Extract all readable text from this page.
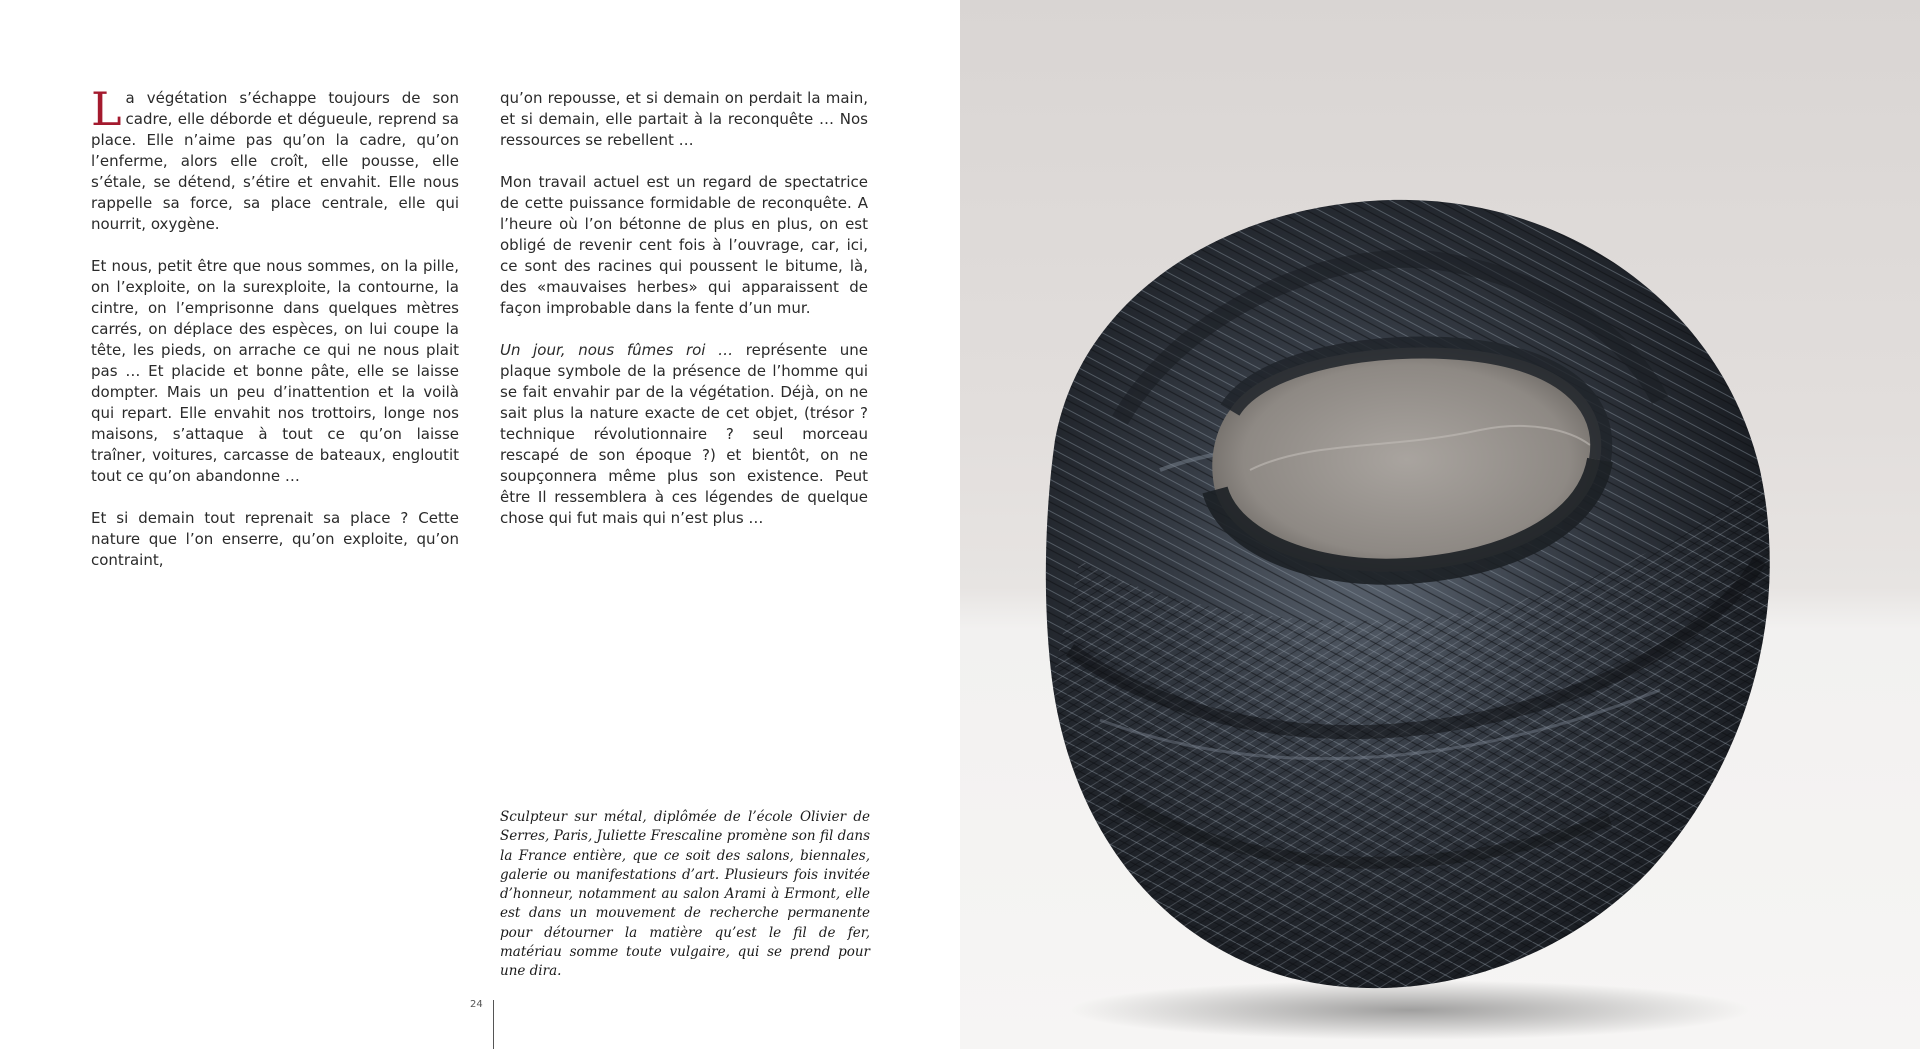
La végétation s’échappe toujours de son cadre, elle déborde et dégueule, reprend sa place. Elle n’aime pas qu’on la cadre, qu’on l’enferme, alors elle croît, elle pousse, elle s’étale, se détend, s’étire et envahit. Elle nous rappelle sa force, sa place centrale, elle qui nourrit, oxygène.

Et nous, petit être que nous sommes, on la pille, on l’exploite, on la surexploite, la contourne, la cintre, on l’emprisonne dans quelques mètres carrés, on déplace des espèces, on lui coupe la tête, les pieds, on arrache ce qui ne nous plait pas … Et placide et bonne pâte, elle se laisse dompter. Mais un peu d’inattention et la voilà qui repart. Elle envahit nos trottoirs, longe nos maisons, s’attaque à tout ce qu’on laisse traîner, voitures, carcasse de bateaux, engloutit tout ce qu’on abandonne …

Et si demain tout reprenait sa place ? Cette nature que l’on enserre, qu’on exploite, qu’on contraint,

qu’on repousse, et si demain on perdait la main, et si demain, elle partait à la reconquête … Nos ressources se rebellent …

Mon travail actuel est un regard de spectatrice de cette puissance formidable de reconquête. A l’heure où l’on bétonne de plus en plus, on est obligé de revenir cent fois à l’ouvrage, car, ici, ce sont des racines qui poussent le bitume, là, des «mauvaises herbes» qui apparaissent de façon improbable dans la fente d’un mur.

Un jour, nous fûmes roi … représente une plaque symbole de la présence de l’homme qui se fait envahir par de la végétation. Déjà, on ne sait plus la nature exacte de cet objet, (trésor ? technique révolutionnaire ? seul morceau rescapé de son époque ?) et bientôt, on ne soupçonnera même plus son existence. Peut être Il ressemblera à ces légendes de quelque chose qui fut mais qui n’est plus …

Sculpteur sur métal, diplômée de l’école Olivier de Serres, Paris, Juliette Frescaline promène son fil dans la France entière, que ce soit des salons, biennales, galerie ou manifestations d’art. Plusieurs fois invitée d’honneur, notamment au salon Arami à Ermont, elle est dans un mouvement de recherche permanente pour détourner la matière qu’est le fil de fer, matériau somme toute vulgaire, qui se prend pour une dira.
24
